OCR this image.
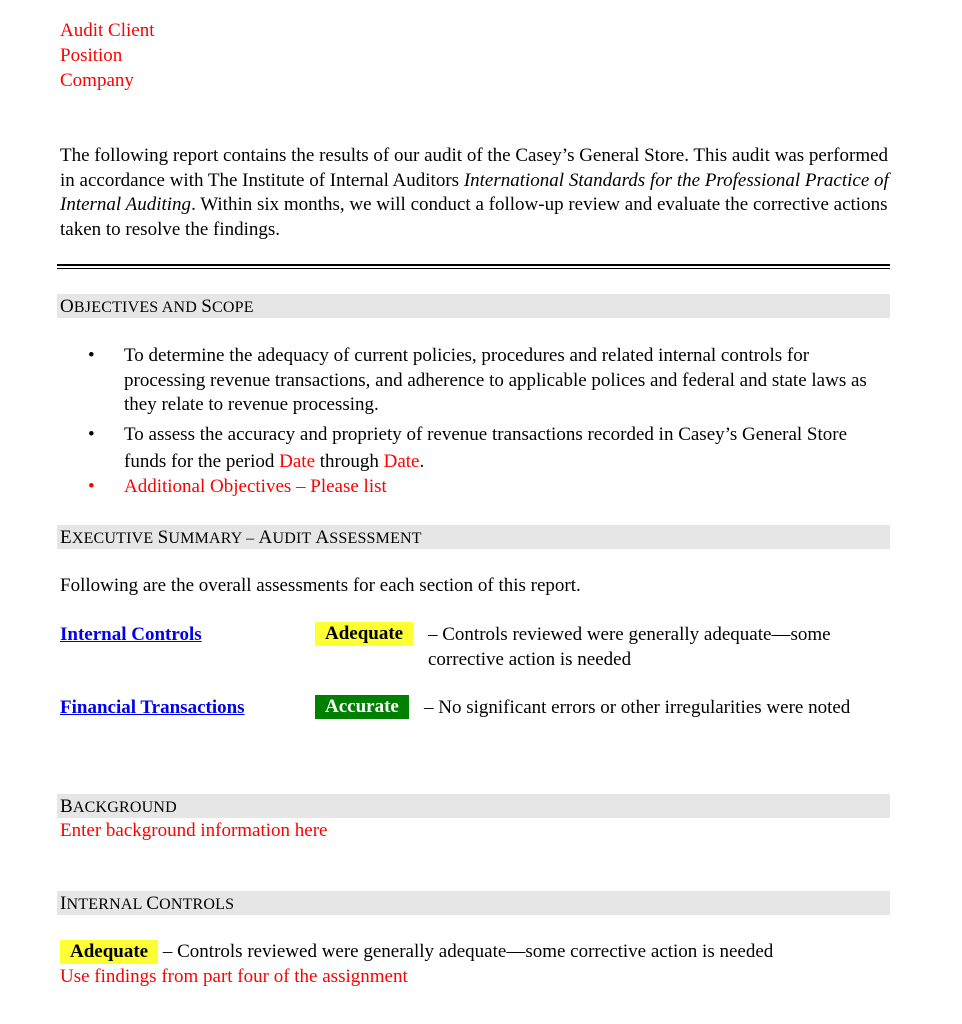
Audit Client
Position
Company
The following report contains the results of our audit of the Casey’s General Store. This audit was performed in accordance with The Institute of Internal Auditors International Standards for the Professional Practice of Internal Auditing. Within six months, we will conduct a follow-up review and evaluate the corrective actions taken to resolve the findings.
OBJECTIVES AND SCOPE
• To determine the adequacy of current policies, procedures and related internal controls for processing revenue transactions, and adherence to applicable polices and federal and state laws as they relate to revenue processing.
• To assess the accuracy and propriety of revenue transactions recorded in Casey’s General Store funds for the period Date through Date.
• Additional Objectives – Please list
EXECUTIVE SUMMARY – AUDIT ASSESSMENT
Following are the overall assessments for each section of this report.
Internal Controls	Adequate	– Controls reviewed were generally adequate—some corrective action is needed
Financial Transactions	Accurate	– No significant errors or other irregularities were noted
BACKGROUND
Enter background information here
INTERNAL CONTROLS
Adequate – Controls reviewed were generally adequate—some corrective action is needed
Use findings from part four of the assignment
